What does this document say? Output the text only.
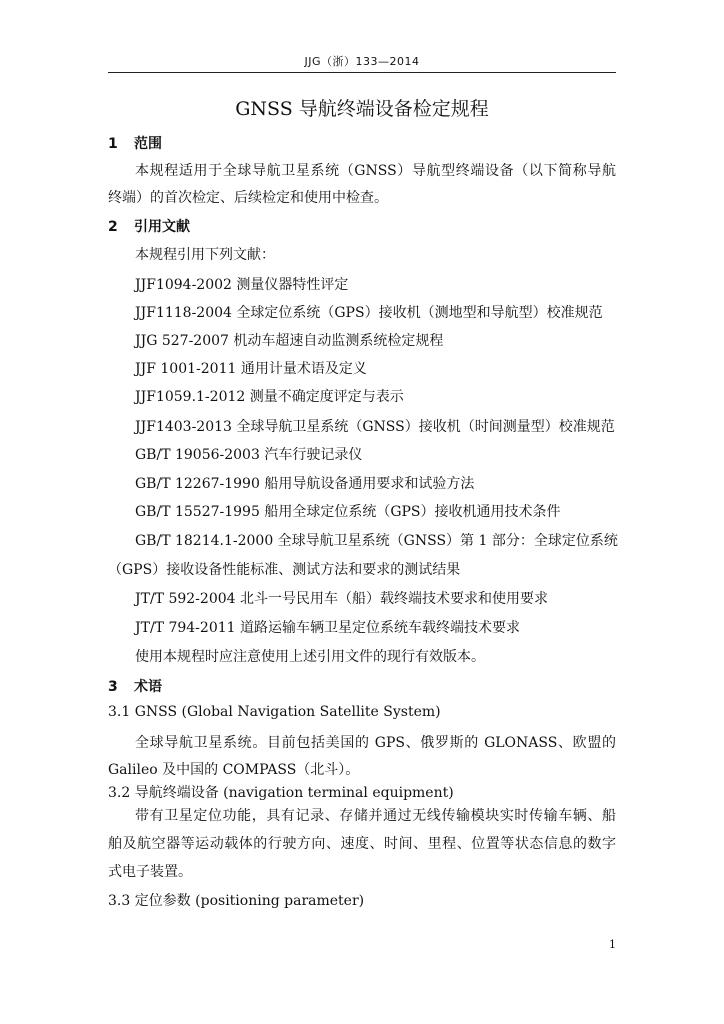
JJG（浙）133—2014
GNSS 导航终端设备检定规程
1 范围
本规程适用于全球导航卫星系统（GNSS）导航型终端设备（以下简称导航
终端）的首次检定、后续检定和使用中检查。
2 引用文献
本规程引用下列文献：
JJF1094-2002 测量仪器特性评定
JJF1118-2004 全球定位系统（GPS）接收机（测地型和导航型）校准规范
JJG 527-2007 机动车超速自动监测系统检定规程
JJF 1001-2011 通用计量术语及定义
JJF1059.1-2012 测量不确定度评定与表示
JJF1403-2013 全球导航卫星系统（GNSS）接收机（时间测量型）校准规范
GB/T 19056-2003 汽车行驶记录仪
GB/T 12267-1990 船用导航设备通用要求和试验方法
GB/T 15527-1995 船用全球定位系统（GPS）接收机通用技术条件
GB/T 18214.1-2000 全球导航卫星系统（GNSS）第 1 部分：全球定位系统
（GPS）接收设备性能标准、测试方法和要求的测试结果
JT/T 592-2004 北斗一号民用车（船）载终端技术要求和使用要求
JT/T 794-2011 道路运输车辆卫星定位系统车载终端技术要求
使用本规程时应注意使用上述引用文件的现行有效版本。
3 术语
3.1 GNSS (Global Navigation Satellite System)
全球导航卫星系统。目前包括美国的 GPS、俄罗斯的 GLONASS、欧盟的
Galileo 及中国的 COMPASS（北斗）。
3.2 导航终端设备 (navigation terminal equipment)
带有卫星定位功能，具有记录、存储并通过无线传输模块实时传输车辆、船
舶及航空器等运动载体的行驶方向、速度、时间、里程、位置等状态信息的数字
式电子装置。
3.3 定位参数 (positioning parameter)
1
